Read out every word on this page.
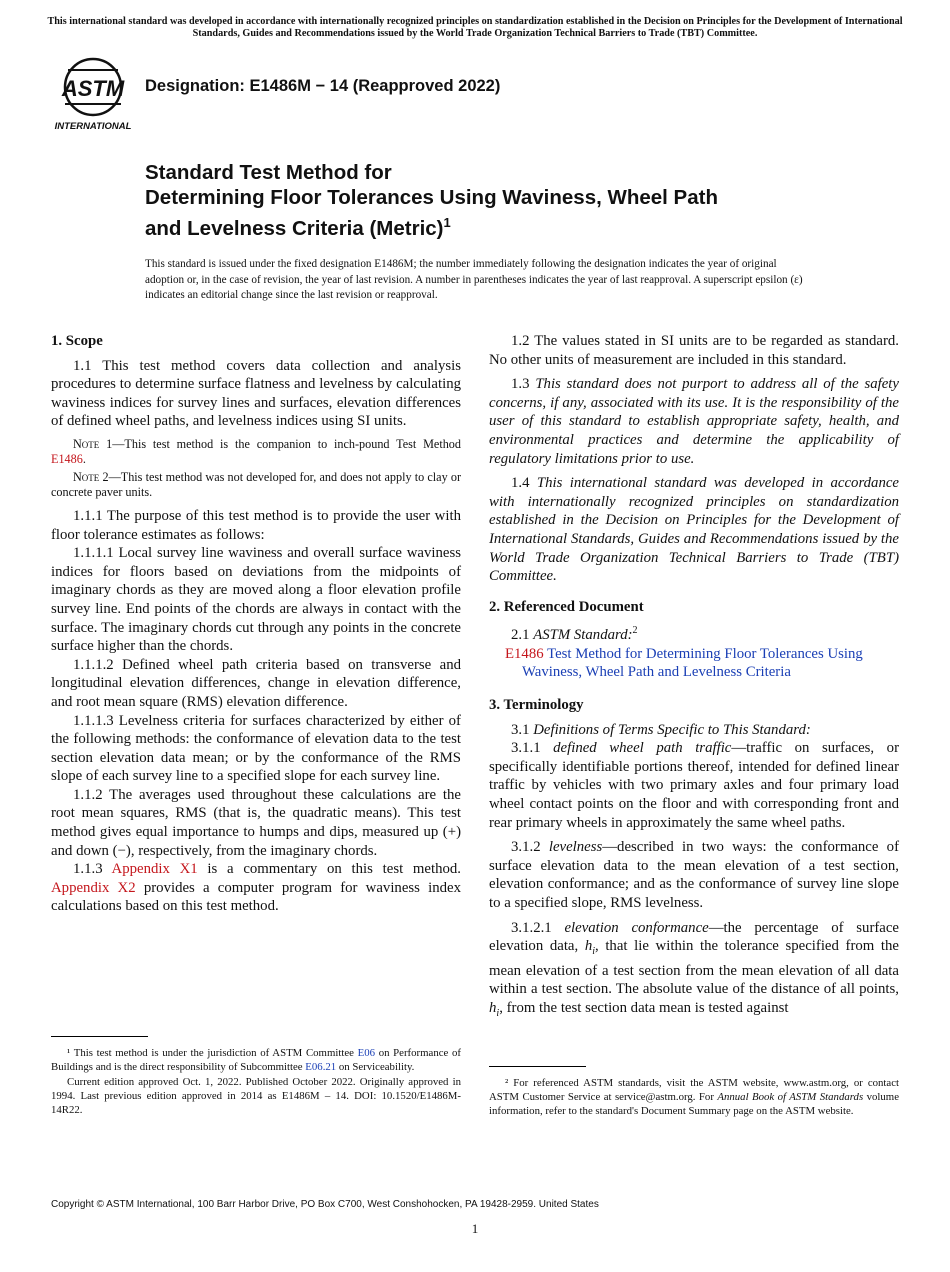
This international standard was developed in accordance with internationally recognized principles on standardization established in the Decision on Principles for the Development of International Standards, Guides and Recommendations issued by the World Trade Organization Technical Barriers to Trade (TBT) Committee.
ASTM
INTERNATIONAL
Designation: E1486M − 14 (Reapproved 2022)
Standard Test Method for
Determining Floor Tolerances Using Waviness, Wheel Path
and Levelness Criteria (Metric)$^1$
This standard is issued under the fixed designation E1486M; the number immediately following the designation indicates the year of original adoption or, in the case of revision, the year of last revision. A number in parentheses indicates the year of last reapproval. A superscript epsilon (ε) indicates an editorial change since the last revision or reapproval.
1. Scope

1.1 This test method covers data collection and analysis procedures to determine surface flatness and levelness by calculating waviness indices for survey lines and surfaces, elevation differences of defined wheel paths, and levelness indices using SI units.

Note 1—This test method is the companion to inch-pound Test Method E1486.
Note 2—This test method was not developed for, and does not apply to clay or concrete paver units.

1.1.1 The purpose of this test method is to provide the user with floor tolerance estimates as follows:

1.1.1.1 Local survey line waviness and overall surface waviness indices for floors based on deviations from the midpoints of imaginary chords as they are moved along a floor elevation profile survey line. End points of the chords are always in contact with the surface. The imaginary chords cut through any points in the concrete surface higher than the chords.

1.1.1.2 Defined wheel path criteria based on transverse and longitudinal elevation differences, change in elevation difference, and root mean square (RMS) elevation difference.

1.1.1.3 Levelness criteria for surfaces characterized by either of the following methods: the conformance of elevation data to the test section elevation data mean; or by the conformance of the RMS slope of each survey line to a specified slope for each survey line.

1.1.2 The averages used throughout these calculations are the root mean squares, RMS (that is, the quadratic means). This test method gives equal importance to humps and dips, measured up (+) and down (−), respectively, from the imaginary chords.

1.1.3 Appendix X1 is a commentary on this test method. Appendix X2 provides a computer program for waviness index calculations based on this test method.

¹ This test method is under the jurisdiction of ASTM Committee E06 on Performance of Buildings and is the direct responsibility of Subcommittee E06.21 on Serviceability.

Current edition approved Oct. 1, 2022. Published October 2022. Originally approved in 1994. Last previous edition approved in 2014 as E1486M – 14. DOI: 10.1520/E1486M-14R22.

1.2 The values stated in SI units are to be regarded as standard. No other units of measurement are included in this standard.

1.3 This standard does not purport to address all of the safety concerns, if any, associated with its use. It is the responsibility of the user of this standard to establish appropriate safety, health, and environmental practices and determine the applicability of regulatory limitations prior to use.

1.4 This international standard was developed in accordance with internationally recognized principles on standardization established in the Decision on Principles for the Development of International Standards, Guides and Recommendations issued by the World Trade Organization Technical Barriers to Trade (TBT) Committee.

2. Referenced Document

2.1 ASTM Standard:$^2$

E1486 Test Method for Determining Floor Tolerances Using Waviness, Wheel Path and Levelness Criteria

3. Terminology

3.1 Definitions of Terms Specific to This Standard:

3.1.1 defined wheel path traffic—traffic on surfaces, or specifically identifiable portions thereof, intended for defined linear traffic by vehicles with two primary axles and four primary load wheel contact points on the floor and with corresponding front and rear primary wheels in approximately the same wheel paths.

3.1.2 levelness—described in two ways: the conformance of surface elevation data to the mean elevation of a test section, elevation conformance; and as the conformance of survey line slope to a specified slope, RMS levelness.

3.1.2.1 elevation conformance—the percentage of surface elevation data, $h_i$, that lie within the tolerance specified from the mean elevation of a test section from the mean elevation of all data within a test section. The absolute value of the distance of all points, $h_i$, from the test section data mean is tested against

² For referenced ASTM standards, visit the ASTM website, www.astm.org, or contact ASTM Customer Service at service@astm.org. For Annual Book of ASTM Standards volume information, refer to the standard's Document Summary page on the ASTM website.

Copyright © ASTM International, 100 Barr Harbor Drive, PO Box C700, West Conshohocken, PA 19428-2959. United States
1
